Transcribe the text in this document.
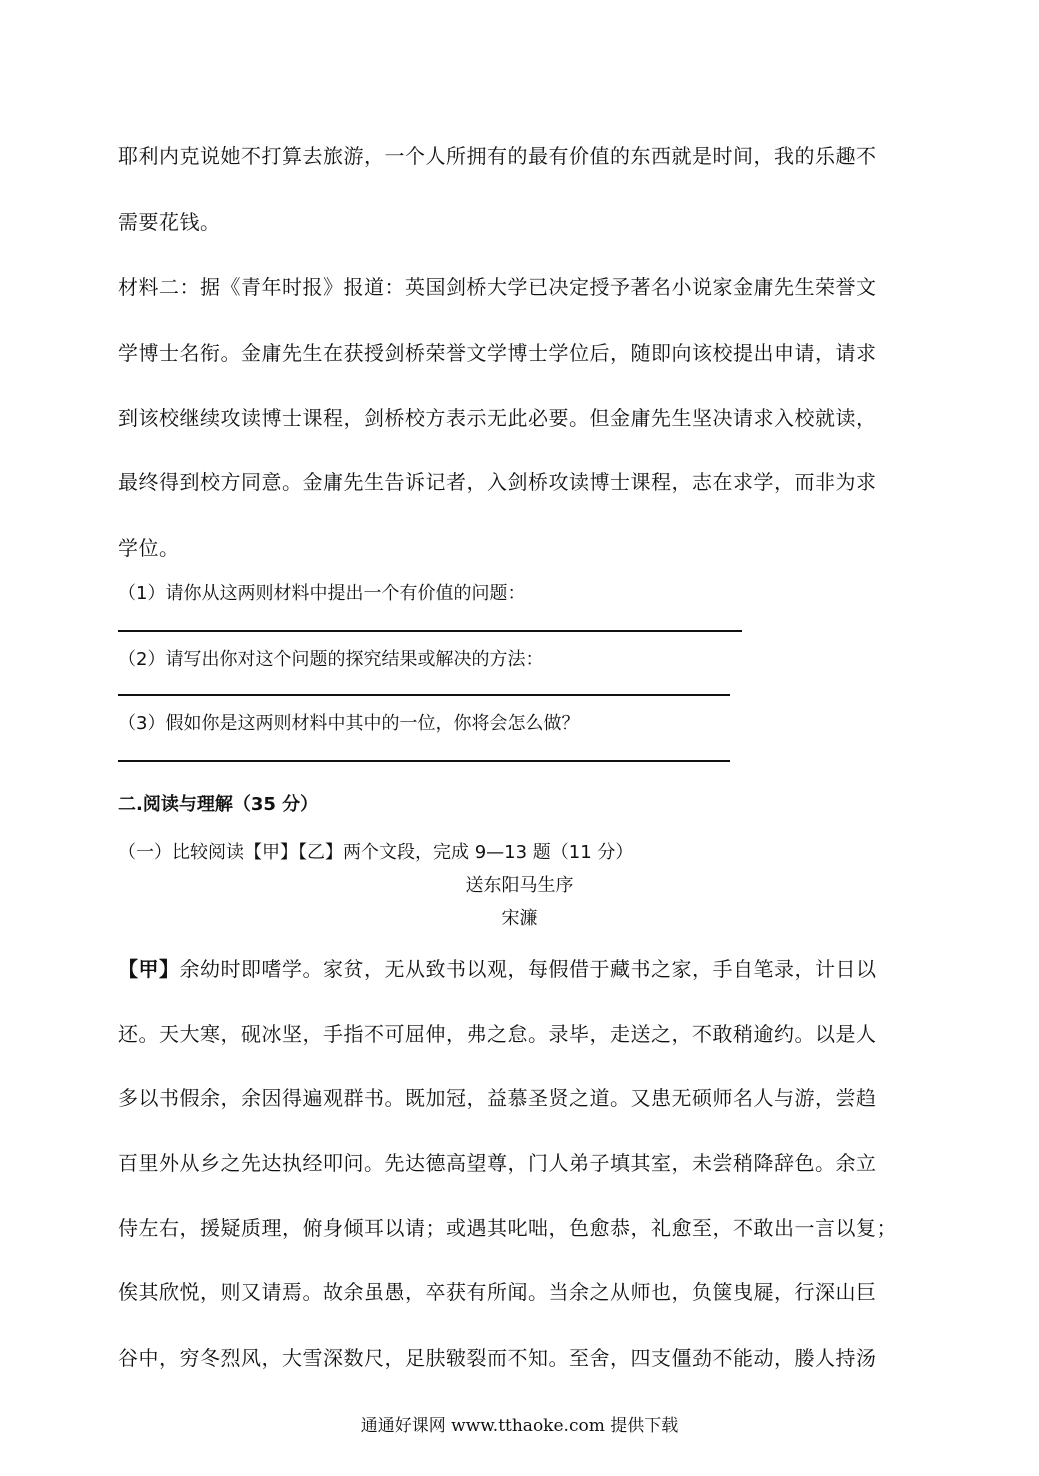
耶利内克说她不打算去旅游，一个人所拥有的最有价值的东西就是时间，我的乐趣不
需要花钱。
材料二：据《青年时报》报道：英国剑桥大学已决定授予著名小说家金庸先生荣誉文
学博士名衔。金庸先生在获授剑桥荣誉文学博士学位后，随即向该校提出申请，请求
到该校继续攻读博士课程，剑桥校方表示无此必要。但金庸先生坚决请求入校就读，
最终得到校方同意。金庸先生告诉记者，入剑桥攻读博士课程，志在求学，而非为求
学位。
（1）请你从这两则材料中提出一个有价值的问题：
（2）请写出你对这个问题的探究结果或解决的方法：
（3）假如你是这两则材料中其中的一位，你将会怎么做？
二.阅读与理解（35 分）
（一）比较阅读【甲】【乙】两个文段，完成 9—13 题（11 分）
送东阳马生序
宋濂
【甲】余幼时即嗜学。家贫，无从致书以观，每假借于藏书之家，手自笔录，计日以
还。天大寒，砚冰坚，手指不可屈伸，弗之怠。录毕，走送之，不敢稍逾约。以是人
多以书假余，余因得遍观群书。既加冠，益慕圣贤之道。又患无硕师名人与游，尝趋
百里外从乡之先达执经叩问。先达德高望尊，门人弟子填其室，未尝稍降辞色。余立
侍左右，援疑质理，俯身倾耳以请；或遇其叱咄，色愈恭，礼愈至，不敢出一言以复；
俟其欣悦，则又请焉。故余虽愚，卒获有所闻。当余之从师也，负箧曳屣，行深山巨
谷中，穷冬烈风，大雪深数尺，足肤皲裂而不知。至舍，四支僵劲不能动，媵人持汤
通通好课网 www.tthaoke.com 提供下载
